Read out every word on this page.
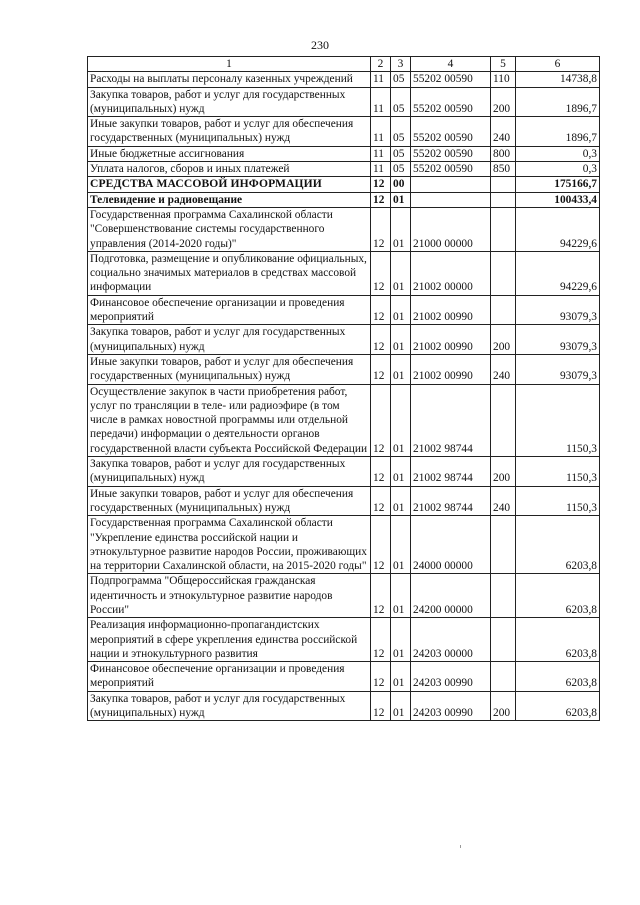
230
1	2	3	4	5	6
Расходы на выплаты персоналу казенных учреждений	11	05	55202 00590	110	14738,8
Закупка товаров, работ и услуг для государственных (муниципальных) нужд	11	05	55202 00590	200	1896,7
Иные закупки товаров, работ и услуг для обеспечения государственных (муниципальных) нужд	11	05	55202 00590	240	1896,7
Иные бюджетные ассигнования	11	05	55202 00590	800	0,3
Уплата налогов, сборов и иных платежей	11	05	55202 00590	850	0,3
СРЕДСТВА МАССОВОЙ ИНФОРМАЦИИ	12	00			175166,7
Телевидение и радиовещание	12	01			100433,4
Государственная программа Сахалинской области "Совершенствование системы государственного управления (2014-2020 годы)"	12	01	21000 00000		94229,6
Подготовка, размещение и опубликование официальных, социально значимых материалов в средствах массовой информации	12	01	21002 00000		94229,6
Финансовое обеспечение организации и проведения мероприятий	12	01	21002 00990		93079,3
Закупка товаров, работ и услуг для государственных (муниципальных) нужд	12	01	21002 00990	200	93079,3
Иные закупки товаров, работ и услуг для обеспечения государственных (муниципальных) нужд	12	01	21002 00990	240	93079,3
Осуществление закупок в части приобретения работ, услуг по трансляции в теле- или радиоэфире (в том числе в рамках новостной программы или отдельной передачи) информации о деятельности органов государственной власти субъекта Российской Федерации	12	01	21002 98744		1150,3
Закупка товаров, работ и услуг для государственных (муниципальных) нужд	12	01	21002 98744	200	1150,3
Иные закупки товаров, работ и услуг для обеспечения государственных (муниципальных) нужд	12	01	21002 98744	240	1150,3
Государственная программа Сахалинской области "Укрепление единства российской нации и этнокультурное развитие народов России, проживающих на территории Сахалинской области, на 2015-2020 годы"	12	01	24000 00000		6203,8
Подпрограмма "Общероссийская гражданская идентичность и этнокультурное развитие народов России"	12	01	24200 00000		6203,8
Реализация информационно-пропагандистских мероприятий в сфере укрепления единства российской нации и этнокультурного развития	12	01	24203 00000		6203,8
Финансовое обеспечение организации и проведения мероприятий	12	01	24203 00990		6203,8
Закупка товаров, работ и услуг для государственных (муниципальных) нужд	12	01	24203 00990	200	6203,8
